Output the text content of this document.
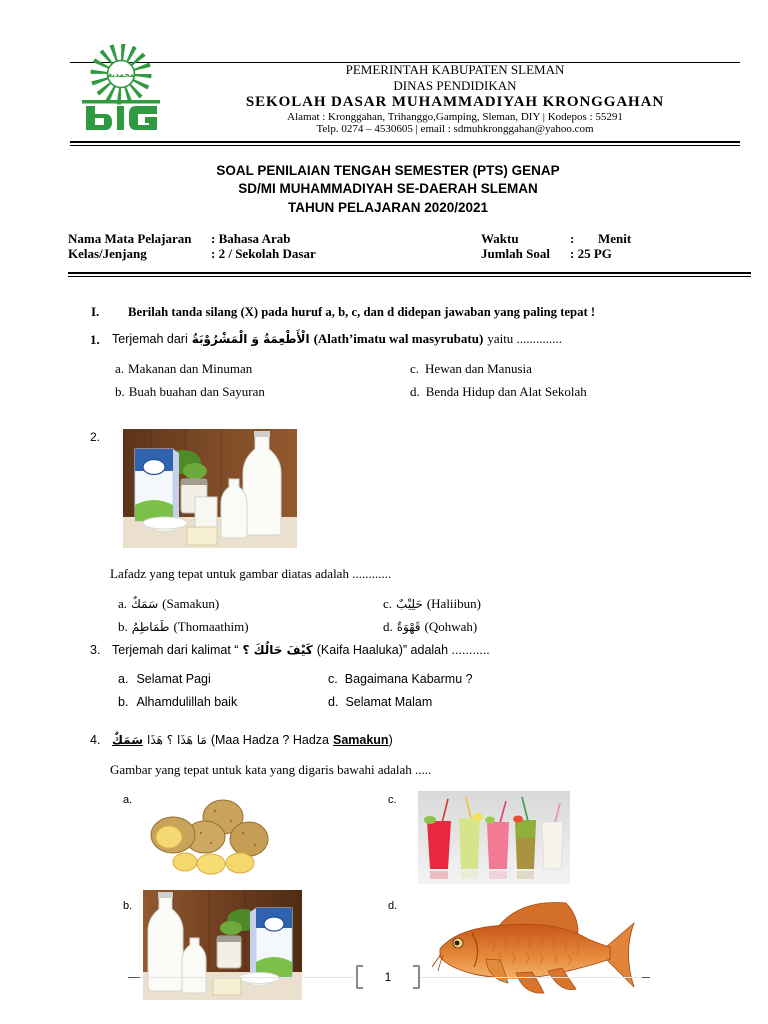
محمدية	PEMERINTAH KABUPATEN SLEMAN
DINAS PENDIDIKAN
SEKOLAH DASAR MUHAMMADIYAH KRONGGAHAN
Alamat : Kronggahan, Trihanggo,Gamping, Sleman, DIY | Kodepos : 55291
Telp. 0274 – 4530605 | email : sdmuhkronggahan@yahoo.com
SOAL PENILAIAN TENGAH SEMESTER (PTS) GENAP
SD/MI MUHAMMADIYAH SE-DAERAH SLEMAN
TAHUN PELAJARAN 2020/2021
Nama Mata Pelajaran : Bahasa Arab	Waktu	: Menit
Kelas/Jenjang	: 2 / Sekolah Dasar	Jumlah Soal : 25 PG
I. Berilah tanda silang (X) pada huruf a, b, c, dan d didepan jawaban yang paling tepat !
1. Terjemah dari الْأَطْعِمَةُ وَ الْمَشْرُوْبَةُ (Alath’imatu wal masyrubatu) yaitu ..............
a. Makanan dan Minuman
b. Buah buahan dan Sayuran
c. Hewan dan Manusia
d. Benda Hidup dan Alat Sekolah
2.
Lafadz yang tepat untuk gambar diatas adalah ............
a. سَمَكٌ (Samakun)
b. طَمَاطِمُ (Thomaathim)
c. حَلِيْبٌ (Haliibun)
d. قَهْوَةٌ (Qohwah)
3. Terjemah dari kalimat “ كَيْفَ حَالُكَ ؟ (Kaifa Haaluka)” adalah ...........
a. Selamat Pagi
b. Alhamdulillah baik
c. Bagaimana Kabarmu ?
d. Selamat Malam
4.	مَا هَذَا ؟ هَذَا
سَمَكٌ	(Maa Hadza ? Hadza Samakun )
Gambar yang tepat untuk kata yang digaris bawahi adalah .....
a.	c.
b.	d.
1
